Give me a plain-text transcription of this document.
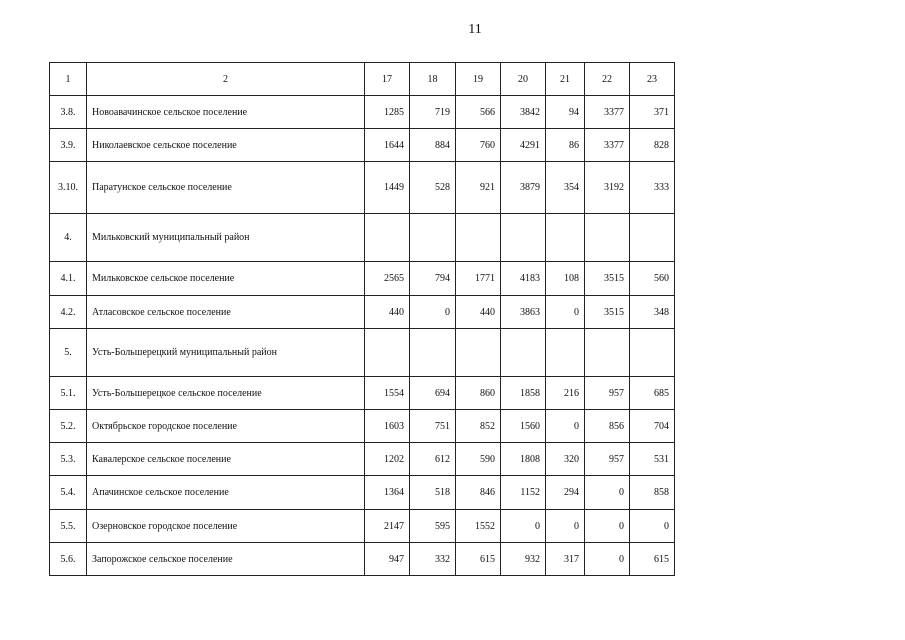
11
1	2	17	18	19	20	21	22	23
3.8.	Новоавачинское сельское поселение	1285	719	566	3842	94	3377	371
3.9.	Николаевское сельское поселение	1644	884	760	4291	86	3377	828
3.10.	Паратунское сельское поселение	1449	528	921	3879	354	3192	333
4.	Мильковский муниципальный район							
4.1.	Мильковское сельское поселение	2565	794	1771	4183	108	3515	560
4.2.	Атласовское сельское поселение	440	0	440	3863	0	3515	348
5.	Усть-Большерецкий муниципальный район							
5.1.	Усть-Большерецкое сельское поселение	1554	694	860	1858	216	957	685
5.2.	Октябрьское городское поселение	1603	751	852	1560	0	856	704
5.3.	Кавалерское сельское поселение	1202	612	590	1808	320	957	531
5.4.	Апачинское сельское поселение	1364	518	846	1152	294	0	858
5.5.	Озерновское городское поселение	2147	595	1552	0	0	0	0
5.6.	Запорожское сельское поселение	947	332	615	932	317	0	615
